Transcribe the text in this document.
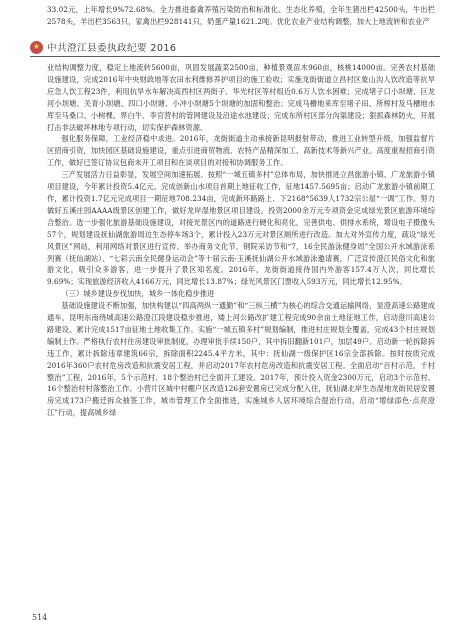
★ 中共澄江县委执政纪要 2016

33.02元，上年增长9%72.68%。全力推进畜禽养殖污染防治和标准化、生态化养殖，全年生猪出栏42500头，牛出栏2578头，羊出栏3563只，家禽出栏928141只，奶蛋产量1621.2吨。优化农业产业结构调整，加大上地流转和农业产

业结构调整力度，稳定上地流转5600亩，巩固发展蔬菜2500亩，种植景观苗木960亩，核桃14000亩。完善农村基础设施建设，完成2016年中央财政地等农田水利维修养护项目的施工验收；实施龙街街道立昌村区象山沟人饮改造等抗旱应急人饮工程23件，利用抗旱水车解决高西村区两街子、华光村区等村组近0.6万人饮水困难；完成堵子口小坝塘、巨龙河小坝塘、关青小坝塘、四口小坝塘、小冲小坝塘5个坝塘的加固和整治；完成马槽地来库至堵子田、所榨村及马槽地水库至马桑口、小树棵、界白牛、李官营村的管网建设及沿途水池建设；完成东所村区部分沟渠建设；狠抓森林防火，开展打击非法破坏林地专项行动，切实保护森林资源。

强化服务保障，工业经济稳中求进。2016年，龙街街道主动承接新昆明报射带动，推进工业转型升级，加强监督片区招商引资，加快园区基础设施建设，重点引进商贸物流、农特产品精深加工、高新技术等新兴产业。高度重视招商引资工作，做好已签订协议包商未开工项目和在谈项目的对接和协调服务工作。

三产发展活力日益彰显，发展空间加速拓展。按照“一城五镇多村”总体布局，加快推进立昌旅游小镇、广龙旅游小镇项目建设，今年累计投资5.4亿元，完成创新山水项目首期上地征收工作，征地1457.5695亩；启动广龙旅游小镇前期工作，累计投资1.7亿元完成项目一期征地708.234亩，完成新环路路上、下2168°5639人1732宗公屋“一调”工作。努力做好五溪庄园AAAA级景区创建工作，做好龙岸湿地景区项目建设，投资2000余万元专项资金完成绿光景区旅游环境综合整治。选一步强化旅游基础设施建设，对接光景区内的道路进行硬化和亮化，完善供电、供排水系统，增设电子摄像头57个，规划建设抚仙湖旅游周边生态停车场3个，累计投入23万元对景区厕所进行改造。加大对外宣传力度，疏设“绿光风景区”网站，利用网络对景区进行宣传。举办商务文化节、钢院采访节和“7，16全民游泳健身周”全国公开水域游泳系列赛（抚仙湖站）、“七彩云南全民健身运动会”等十届云南·玉溪抚仙湖公开水域游泳邀请赛，广泛宣传澄江民俗文化和旅游文化，吸引众多游客，进一步提升了景区知名度。2016年，龙街街道接待国内外游客157.4万人次，同比增长9.69%；实现旅游经济收入4166万元，同比增长13.87%；绿光风景区门票收入593万元，同比增长12.95%。

（三）城乡建设步伐加快，城乡一体化稳步推进

基础设施建设不断加强，加快构建以“四高两纵一通勤”和“三纵三横”为核心的综合交通运输网络，显澄高速公路建成通车，昆明东南绕城高速公路澄江段建设稳步推进，矮上河公路改扩建工程完成90余亩土地征地工作，启动澄川高速公路建设，累计完成1517亩征地土地收集工作。实施“一城五镇多村”规划编制，推进村庄规划全覆盖，完成43个村庄规划编制上作。严格执行农村住房建设审批制度，办理审批手续150户，其中拆旧翻新101户，加层49户。启动新一轮拆除拆违工作，累计拆除违章建筑66宗，拆除面积2245.4平方米，其中：抚仙湖一级保护区16宗全部拆除。按时按质完成2016年360户农村危房改造和抗震安居工程，并启动2017年农村危房改造和抗震安居工程。全面启动“百村示范，千村整治”工程，2016年，5个示范村、18个整治村已全面开工建设。2017年，预计投入资金2300万元，启动3个示范村、16个整治村村落整治工作。小营片区城中村棚户区改造126套安置房已完成分配入住，抚仙湖北岸生态湿地龙街民居安置房完成173户搬迁拆众抽签工作，城市管理工作全面推进，实施城乡人居环境综合提治行动，启动“增绿添色·点亮澄江”行动，提高城乡绿

514
